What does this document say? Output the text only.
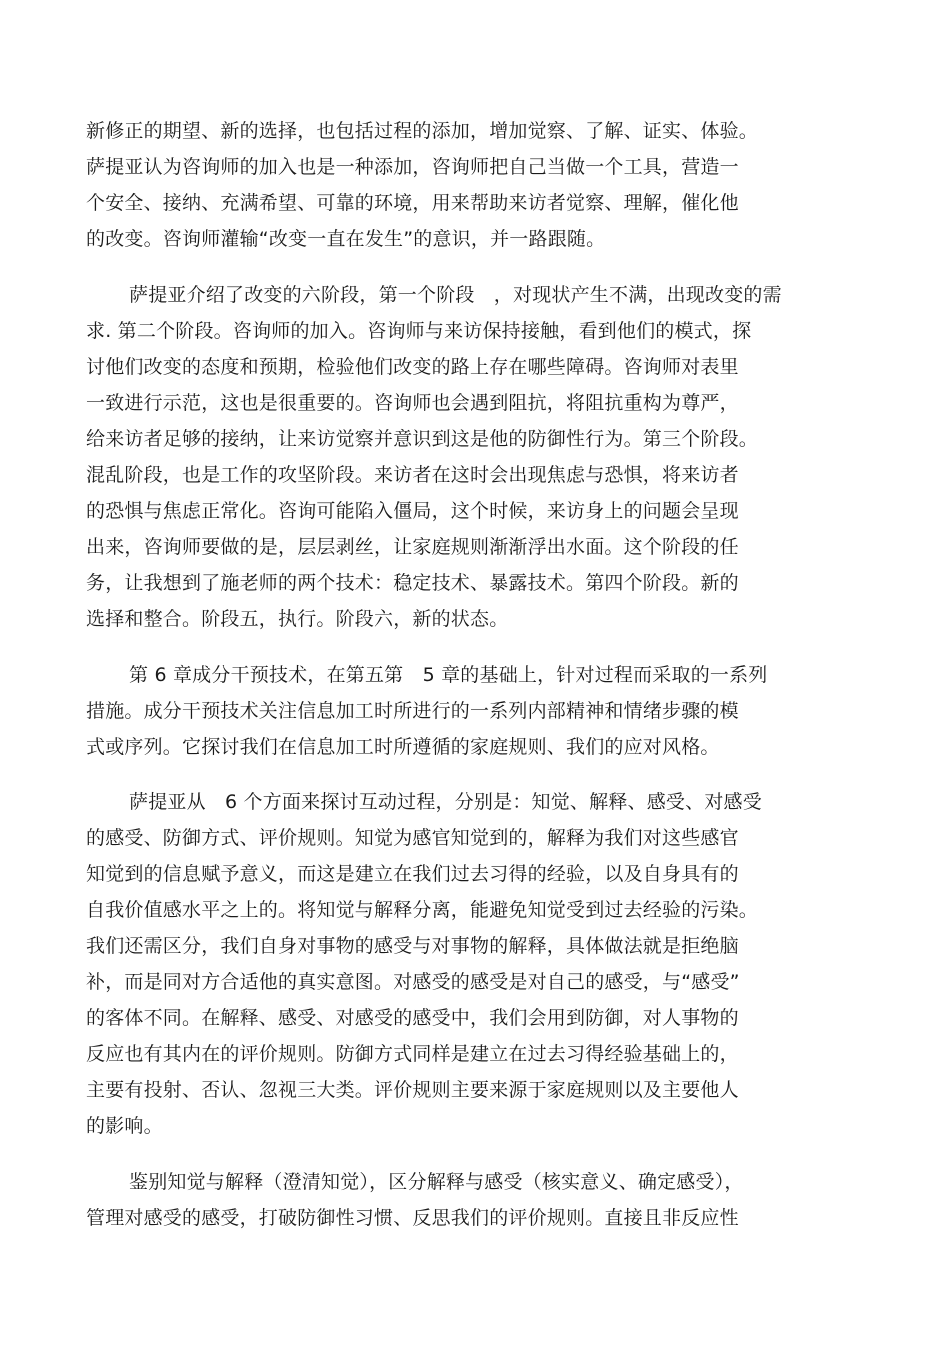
新修正的期望、新的选择，也包括过程的添加，增加觉察、了解、证实、体验。
萨提亚认为咨询师的加入也是一种添加，咨询师把自己当做一个工具，营造一
个安全、接纳、充满希望、可靠的环境，用来帮助来访者觉察、理解，催化他
的改变。咨询师灌输“改变一直在发生”的意识，并一路跟随。
萨提亚介绍了改变的六阶段，第一个阶段　，对现状产生不满，出现改变的需
求. 第二个阶段。咨询师的加入。咨询师与来访保持接触，看到他们的模式，探
讨他们改变的态度和预期，检验他们改变的路上存在哪些障碍。咨询师对表里
一致进行示范，这也是很重要的。咨询师也会遇到阻抗，将阻抗重构为尊严，
给来访者足够的接纳，让来访觉察并意识到这是他的防御性行为。第三个阶段。
混乱阶段，也是工作的攻坚阶段。来访者在这时会出现焦虑与恐惧，将来访者
的恐惧与焦虑正常化。咨询可能陷入僵局，这个时候，来访身上的问题会呈现
出来，咨询师要做的是，层层剥丝，让家庭规则渐渐浮出水面。这个阶段的任
务，让我想到了施老师的两个技术：稳定技术、暴露技术。第四个阶段。新的
选择和整合。阶段五，执行。阶段六，新的状态。
第 6 章成分干预技术，在第五第　5 章的基础上，针对过程而采取的一系列
措施。成分干预技术关注信息加工时所进行的一系列内部精神和情绪步骤的模
式或序列。它探讨我们在信息加工时所遵循的家庭规则、我们的应对风格。
萨提亚从　6 个方面来探讨互动过程，分别是：知觉、解释、感受、对感受
的感受、防御方式、评价规则。知觉为感官知觉到的，解释为我们对这些感官
知觉到的信息赋予意义，而这是建立在我们过去习得的经验，以及自身具有的
自我价值感水平之上的。将知觉与解释分离，能避免知觉受到过去经验的污染。
我们还需区分，我们自身对事物的感受与对事物的解释，具体做法就是拒绝脑
补，而是同对方合适他的真实意图。对感受的感受是对自己的感受，与“感受”
的客体不同。在解释、感受、对感受的感受中，我们会用到防御，对人事物的
反应也有其内在的评价规则。防御方式同样是建立在过去习得经验基础上的，
主要有投射、否认、忽视三大类。评价规则主要来源于家庭规则以及主要他人
的影响。
鉴别知觉与解释（澄清知觉），区分解释与感受（核实意义、确定感受），
管理对感受的感受，打破防御性习惯、反思我们的评价规则。直接且非反应性
